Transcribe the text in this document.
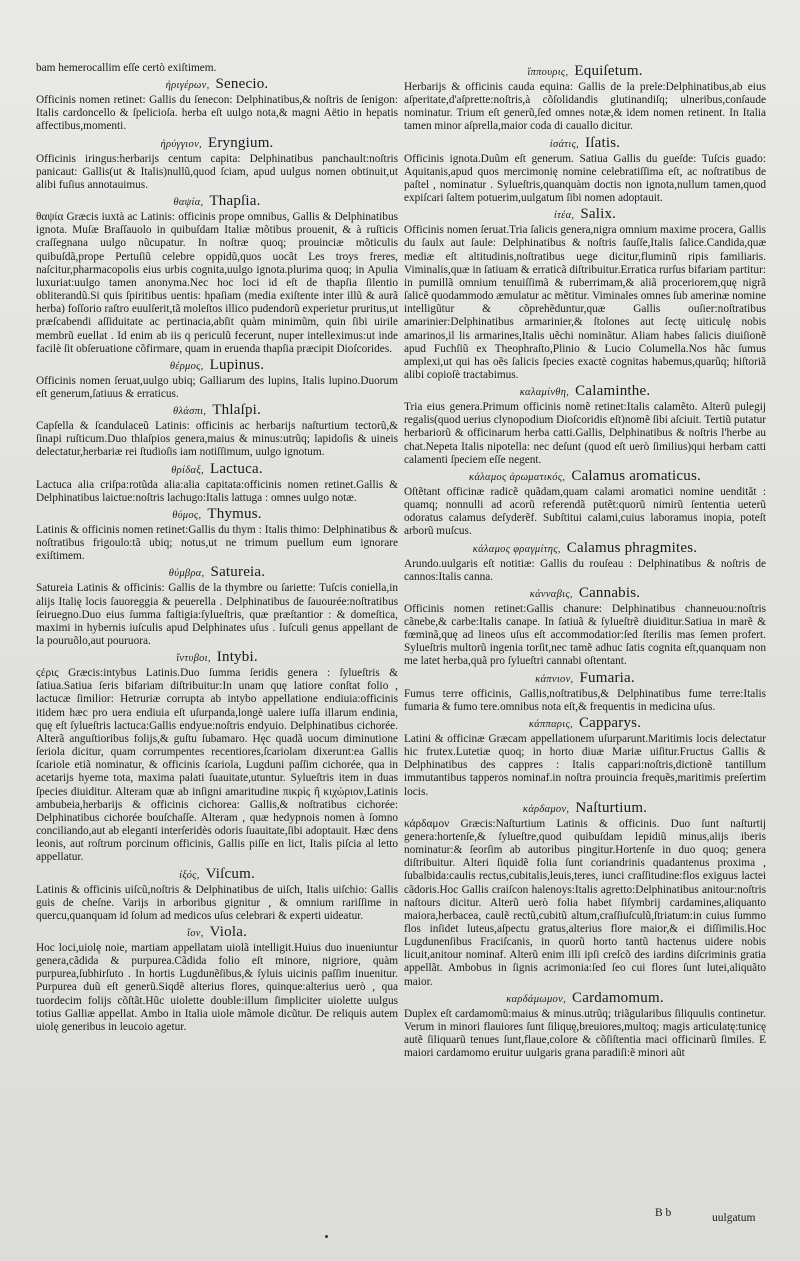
bam hemerocallim eſſe certò exiſtimem.

ἠριγέρων, Senecio.

Officinis nomen retinet: Gallis du ſenecon: Delphinatibus,& noſtris de ſenigon: Italis cardoncello & ſpelicioſa. herba eſt uulgo nota,& magni Aëtio in hepatis affectibus,momenti.

ἠρύγγιον, Eryngium.

Officinis iringus:herbarijs centum capita: Delphinatibus panchault:noſtris panicaut: Gallis(ut & Italis)nullũ,quod ſciam, apud uulgus nomen obtinuit,ut alibi fuſius annotauimus.

θαψία, Thapſia.

θαψία Græcis iuxtà ac Latinis: officinis prope omnibus, Gallis & Delphinatibus ignota. Muſæ Braſſauolo in quibuſdam Italiæ mõtibus prouenit, & à ruſticis craſſegnana uulgo nũcupatur. In noſtræ quoq; prouinciæ mõticulis quibuſdã,prope Pertuſiũ celebre oppidũ,quos uocãt Les troys freres, naſcitur,pharmacopolis eius urbis cognita,uulgo ignota.plurima quoq; in Apulia luxuriat:uulgo tamen anonyma.Nec hoc loci id eſt de thapſia ſilentio obliterandũ.Si quis ſpiritibus uentis: hpaſiam (media exiſtente inter illũ & aurã herba) foſſorio raſtro euulſerit,tã moleſtos illico pudendorũ experietur pruritus,ut præſcabendi aſſiduitate ac pertinacia,abſit quàm minimũm, quin ſibi uirile membrũ euellat . Id enim ab iis q periculũ fecerunt, nuper intelleximus:ut inde facilè ſit obſeruatione cõfirmare, quam in eruenda thapſia præcipit Dioſcorides.

θέρμος, Lupinus.

Officinis nomen ſeruat,uulgo ubiq; Galliarum des lupins, Italis lupino.Duorum eſt generum,ſatiuus & erraticus.

θλάσπι, Thlaſpi.

Capſella & ſcandulaceũ Latinis: officinis ac herbarijs naſturtium tectorũ,& ſinapi ruſticum.Duo thlaſpios genera,maius & minus:utrũq; lapidoſis & uineis delectatur,herbariæ rei ſtudioſis iam notiſſimum, uulgo ignotum.

θρίδαξ, Lactuca.

Lactuca alia criſpa:rotũda alia:alia capitata:officinis nomen retinet.Gallis & Delphinatibus laictue:noſtris lachugo:Italis lattuga : omnes uulgo notæ.

θύμος, Thymus.

Latinis & officinis nomen retinet:Gallis du thym : Italis thimo: Delphinatibus & noſtratibus frigoulo:tã ubiq; notus,ut ne trimum puellum eum ignorare exiſtimem.

θύμβρα, Satureia.

Satureia Latinis & officinis: Gallis de la thymbre ou ſariette: Tuſcis coniella,in alijs Italię locis ſauoreggia & peuerella . Delphinatibus de ſauourée:noſtratibus ſeiruegno.Duo eius ſumma faſtigia:ſylueſtris, quæ præſtantior : & domeſtica, maximi in hybernis iuſculis apud Delphinates uſus . Iuſculi genus appellant de la pouruõlo,aut pouruora.

ἴντυβοι, Intybi.

ϛέρις Græcis:intybus Latinis.Duo ſumma ſeridis genera : ſylueſtris & ſatiua.Satiua ſeris bifariam diſtribuitur:In unam quę latiore conſtat folio , lactucæ ſimilior: Hetruriæ corrupta ab intybo appellatione endiuia:officinis itidem hæc pro uera endiuia eſt uſurpanda,longè ualere iuſſa illarum endinia, quę eſt ſylueſtris lactuca:Gallis endyue:noſtris endyuio. Delphinatibus cichorée. Alterã anguſtioribus folijs,& guſtu ſubamaro. Hęc quadã uocum diminutione ſeriola dicitur, quam corrumpentes recentiores,ſcariolam dixerunt:ea Gallis ſcariole etiã nominatur, & officinis ſcariola, Lugduni paſſim cichorée, qua in acetarijs hyeme tota, maxima palati ſuauitate,utuntur. Sylueſtris item in duas ſpecies diuiditur. Alteram quæ ab inſigni amaritudine πικρὶς ἢ κιχώριον,Latinis ambubeia,herbarijs & officinis cichorea: Gallis,& noſtratibus cichorée: Delphinatibus cichorée bouſchaſſe. Alteram , quæ hedypnois nomen à ſomno conciliando,aut ab eleganti interſeridès odoris ſuauitate,ſibi adoptauit. Hæc dens leonis, aut roſtrum porcinum officinis, Gallis piſſe en lict, Italis piſcia al letto appellatur.

ἰξός, Viſcum.

Latinis & officinis uiſcũ,noſtris & Delphinatibus de uiſch, Italis uiſchio: Gallis guis de cheſne. Varijs in arboribus gignitur , & omnium rariſſime in quercu,quanquam id ſolum ad medicos uſus celebrari & experti uideatur.

ἴον, Viola.

Hoc loci,uiolę noie, martiam appellatam uiolã intelligit.Huius duo inueniuntur genera,cãdida & purpurea.Cãdida folio eſt minore, nigriore, quàm purpurea,ſubhirſuto . In hortis Lugdunẽſibus,& ſyluis uicinis paſſim inuenitur. Purpurea duũ eſt generũ.Siqdẽ alterius flores, quinque:alterius uerò , qua tuordecim folijs cõſtãt.Hũc uiolette double:illum ſimpliciter uiolette uulgus totius Galliæ appellat. Ambo in Italia uiole mãmole dicũtur. De reliquis autem uiolę generibus in leucoio agetur.

ἵππουρις, Equiſetum.

Herbarijs & officinis cauda equina: Gallis de la prele:Delphinatibus,ab eius aſperitate,d'aſprette:noſtris,à cõſolidandis glutinandiſq; ulneribus,conſaude nominatur. Trium eſt generũ,ſed omnes notæ,& idem nomen retinent. In Italia tamen minor aſprella,maior coda di cauallo dicitur.

ἰσάτις, Iſatis.

Officinis ignota.Duũm eſt generum. Satiua Gallis du gueſde: Tuſcis guado: Aquitanis,apud quos mercimonię nomine celebratiſſima eſt, ac noſtratibus de paſtel , nominatur . Sylueſtris,quanquàm doctis non ignota,nullum tamen,quod expiſcari ſaltem potuerim,uulgatum ſibi nomen adoptauit.

ἰτέα, Salix.

Officinis nomen ſeruat.Tria ſalicis genera,nigra omnium maxime procera, Gallis du ſaulx aut ſaule: Delphinatibus & noſtris ſauſſe,Italis ſalice.Candida,quæ mediæ eſt altitudinis,noſtratibus uege dicitur,fluminũ ripis familiaris. Viminalis,quæ in ſatiuam & erraticã diſtribuitur.Erratica rurſus bifariam partitur: in pumillã omnium tenuiſſimã & ruberrimam,& aliã proceriorem,quę nigrã ſalicẽ quodammodo æmulatur ac mẽtitur. Viminales omnes ſub amerinæ nomine intelligũtur & cõprehẽduntur,quæ Gallis ouſier:noſtratibus amarinier:Delphinatibus armarinier,& ſtolones aut ſectę uiticulę nobis amarinos,il lis armarines,Italis uẽchi nominãtur. Aliam habes ſalicis diuiſionẽ apud Fuchſiũ ex Theophraſto,Plinio & Lucio Columella.Nos hãc ſumus amplexi,ut qui has oẽs ſalicis ſpecies exactè cognitas habemus,quarũq; hiſtoriã alibi copioſè tractabimus.

καλαμίνθη, Calaminthe.

Tria eius genera.Primum officinis nomẽ retinet:Italis calamẽto. Alterũ pulegij regalis(quod uerius clynopodium Dioſcoridis eſt)nomẽ ſibi aſciuit. Tertiũ putatur herbariorũ & officinarum herba catti.Gallis, Delphinatibus & noſtris l'herbe au chat.Nepeta Italis nipotella: nec deſunt (quod eſt uerò ſimilius)qui herbam catti calamenti ſpeciem eſſe negent.

κάλαμος ἀρωματικός, Calamus aromaticus.

Oſtẽtant officinæ radicẽ quãdam,quam calami aromatici nomine uendităt : quamq; nonnulli ad acorũ referendã putẽt:quorũ nimirũ ſententia ueterũ odoratus calamus deſyderẽf. Subſtitui calami,cuius laboramus inopia, poteſt arborũ muſcus.

κάλαμος φραγμίτης, Calamus phragmites.

Arundo.uulgaris eſt notitiæ: Gallis du rouſeau : Delphinatibus & noſtris de cannos:Italis canna.

κάνναβις, Cannabis.

Officinis nomen retinet:Gallis chanure: Delphinatibus channeuou:noſtris cãnebe,& carbe:Italis canape. In ſatiuã & ſylueſtrẽ diuiditur.Satiua in marẽ & fœminã,quę ad lineos uſus eſt accommodatior:ſed ſterilis mas ſemen profert. Sylueſtris multorũ ingenia torſit,nec tamẽ adhuc ſatis cognita eſt,quanquam non me latet herba,quã pro ſylueſtri cannabi oſtentant.

κάπνιον, Fumaria.

Fumus terre officinis, Gallis,noſtratibus,& Delphinatibus fume terre:Italis fumaria & fumo tere.omnibus nota eſt,& frequentis in medicina uſus.

κάππαρις, Capparys.

Latini & officinæ Græcam appellationem uſurparunt.Maritimis locis delectatur hic frutex.Lutetiæ quoq; in horto diuæ Mariæ uiſitur.Fructus Gallis & Delphinatibus des cappres : Italis cappari:noſtris,dictionẽ tantillum immutantibus tapperos nominaf.in noſtra prouincia frequẽs,maritimis preſertim locis.

κάρδαμον, Naſturtium.

κάρδαμον Græcis:Naſturtium Latinis & officinis. Duo ſunt naſturtij genera:hortenſe,& ſylueſtre,quod quibuſdam lepidiũ minus,alijs iberis nominatur:& ſeorſim ab autoribus pingitur.Hortenſe in duo quoq; genera diſtribuitur. Alteri ſiquidẽ folia ſunt coriandrinis quadantenus proxima , ſubalbida:caulis rectus,cubitalis,leuis,teres, iunci craſſitudine:flos exiguus lactei cãdoris.Hoc Gallis craiſcon halenoys:Italis agretto:Delphinatibus anitour:noſtris naſtours dicitur. Alterũ uerò folia habet ſiſymbrij cardamines,aliquanto maiora,herbacea, caulẽ rectũ,cubitũ altum,craſſiuſculũ,ſtriatum:in cuius ſummo flos inſidet luteus,aſpectu gratus,alterius flore maior,& ei diſſimilis.Hoc Lugdunenſibus Fraciſcanis, in quorũ horto tantũ hactenus uidere nobis licuit,anitour nominaf. Alterũ enim illi ipſi creſcõ des iardins diſcriminis gratia appellãt. Ambobus in ſignis acrimonia:ſed ſeo cui flores ſunt lutei,aliquãto maior.

καρδάμωμον, Cardamomum.

Duplex eſt cardamomũ:maius & minus.utrũq; triãgularibus ſiliquulis continetur. Verum in minori flauiores ſunt ſiliquę,breuiores,multoq; magis articulatę:tunicę autẽ ſiliquarũ tenues ſunt,flaue,colore & cõſiſtentia maci officinarũ ſimiles. E maiori cardamomo eruitur uulgaris grana paradiſi:ẽ minori aũt

B b	uulgatum
